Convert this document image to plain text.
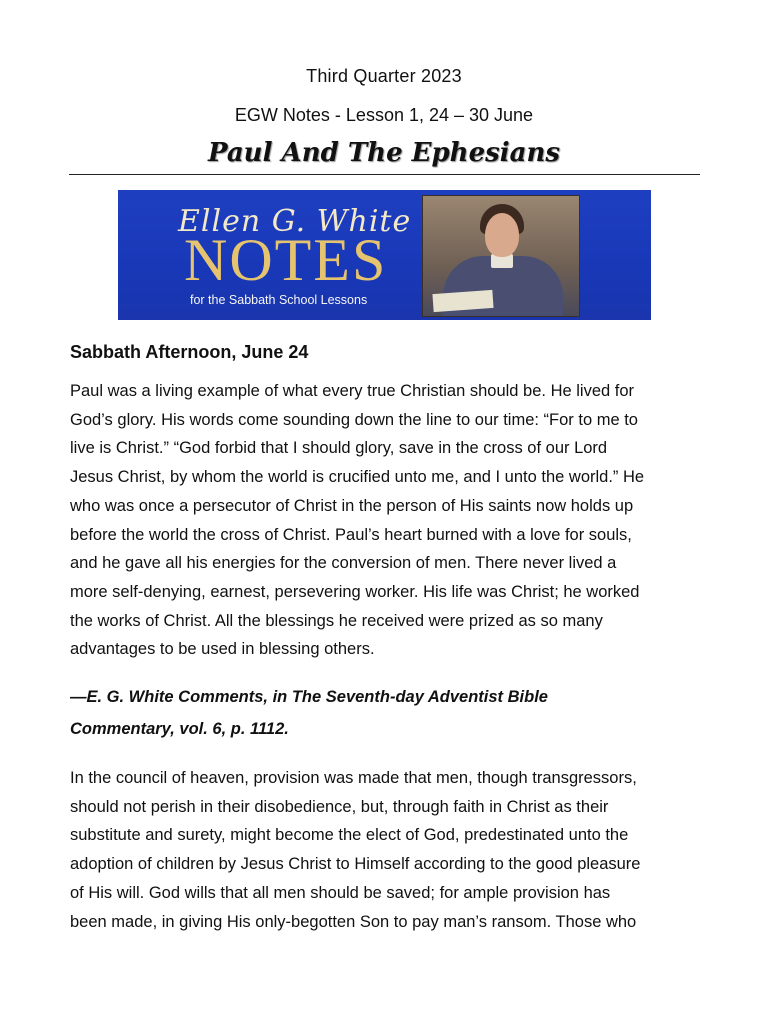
Third Quarter 2023
EGW Notes - Lesson 1, 24 – 30 June
Paul And The Ephesians
Ellen G. White
NOTES
for the Sabbath School Lessons
Sabbath Afternoon, June 24
Paul was a living example of what every true Christian should be. He lived for
God’s glory. His words come sounding down the line to our time: “For to me to
live is Christ.” “God forbid that I should glory, save in the cross of our Lord
Jesus Christ, by whom the world is crucified unto me, and I unto the world.” He
who was once a persecutor of Christ in the person of His saints now holds up
before the world the cross of Christ. Paul’s heart burned with a love for souls,
and he gave all his energies for the conversion of men. There never lived a
more self-denying, earnest, persevering worker. His life was Christ; he worked
the works of Christ. All the blessings he received were prized as so many
advantages to be used in blessing others.
—E. G. White Comments, in The Seventh-day Adventist Bible
Commentary, vol. 6, p. 1112.
In the council of heaven, provision was made that men, though transgressors,
should not perish in their disobedience, but, through faith in Christ as their
substitute and surety, might become the elect of God, predestinated unto the
adoption of children by Jesus Christ to Himself according to the good pleasure
of His will. God wills that all men should be saved; for ample provision has
been made, in giving His only-begotten Son to pay man’s ransom. Those who
